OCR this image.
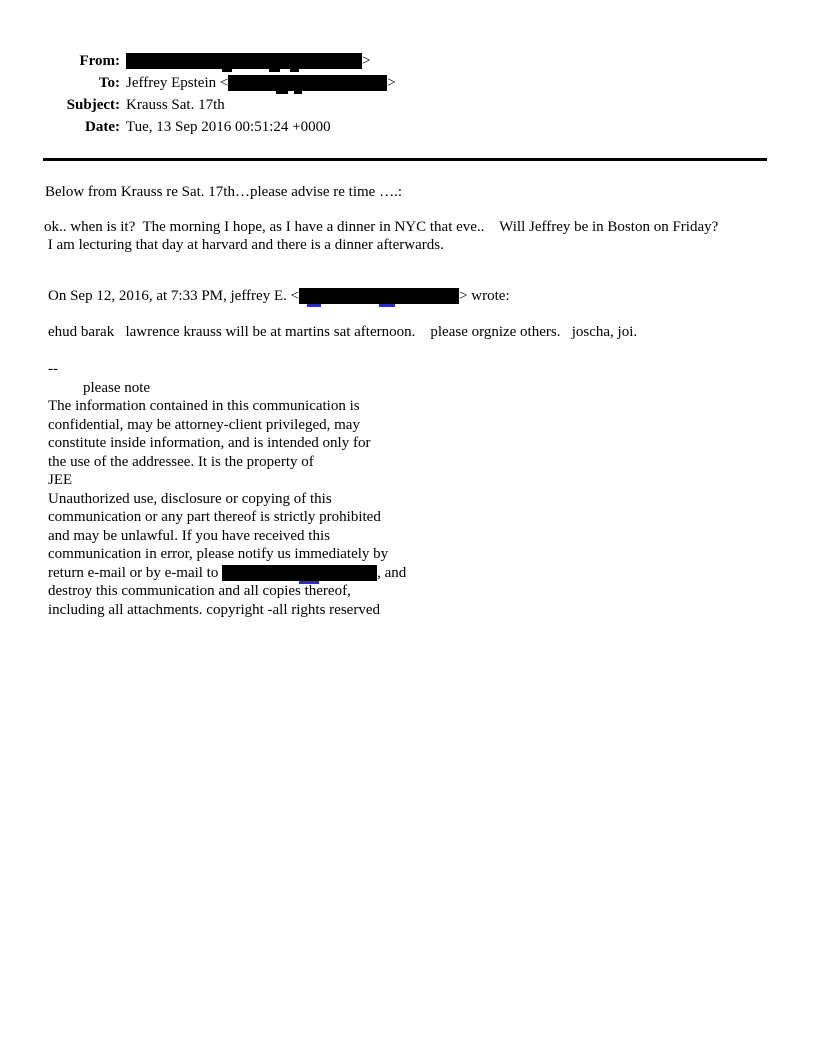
From:	>
To: Jeffrey Epstein <	>
Subject: Krauss Sat. 17th
Date: Tue, 13 Sep 2016 00:51:24 +0000
Below from Krauss re Sat. 17th…please advise re time ….:
ok.. when is it?  The morning I hope, as I have a dinner in NYC that eve..    Will Jeffrey be in Boston on Friday?
I am lecturing that day at harvard and there is a dinner afterwards.
On Sep 12, 2016, at 7:33 PM, jeffrey E. <	> wrote:
ehud barak   lawrence krauss will be at martins sat afternoon.    please orgnize others.   joscha, joi.
--
please note
The information contained in this communication is
confidential, may be attorney-client privileged, may
constitute inside information, and is intended only for
the use of the addressee. It is the property of
JEE
Unauthorized use, disclosure or copying of this
communication or any part thereof is strictly prohibited
and may be unlawful. If you have received this
communication in error, please notify us immediately by
return e-mail or by e-mail to	, and
destroy this communication and all copies thereof,
including all attachments. copyright -all rights reserved
